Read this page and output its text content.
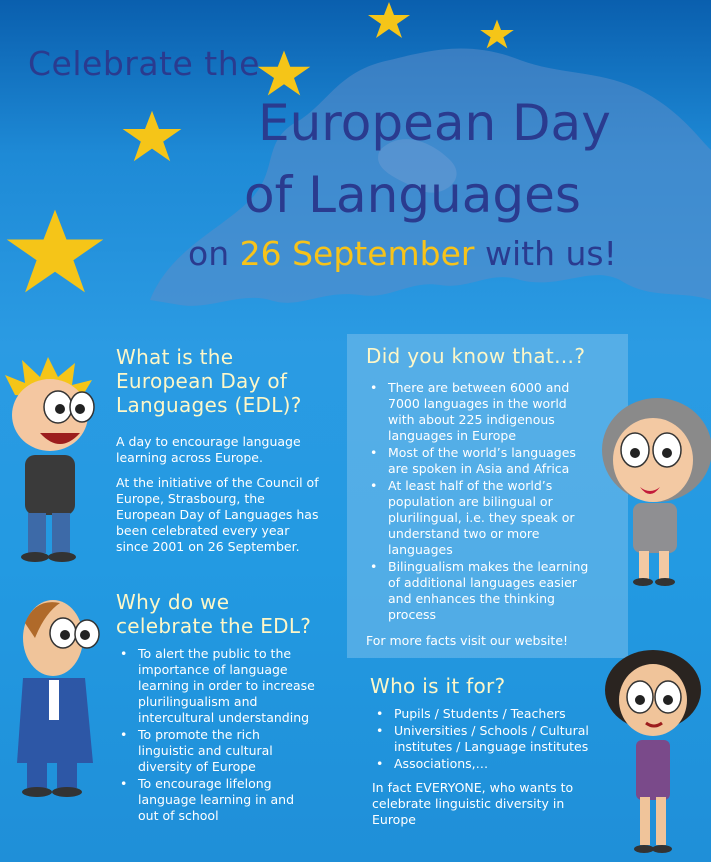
Celebrate the
European Day
of Languages
on 26 September with us!
What is the European Day of Languages (EDL)?

A day to encourage language learning across Europe.

At the initiative of the Council of Europe, Strasbourg, the European Day of Languages has been celebrated every year since 2001 on 26 September.

Why do we celebrate the EDL?
• To alert the public to the importance of language learning in order to increase plurilingualism and intercultural understanding
• To promote the rich linguistic and cultural diversity of Europe
• To encourage lifelong language learning in and out of school
Did you know that…?
• There are between 6000 and 7000 languages in the world with about 225 indigenous languages in Europe
• Most of the world’s languages are spoken in Asia and Africa
• At least half of the world’s population are bilingual or plurilingual, i.e. they speak or understand two or more languages
• Bilingualism makes the learning of additional languages easier and enhances the thinking process

For more facts visit our website!

Who is it for?
• Pupils / Students / Teachers
• Universities / Schools / Cultural institutes / Language institutes
• Associations,…

In fact EVERYONE, who wants to celebrate linguistic diversity in Europe
